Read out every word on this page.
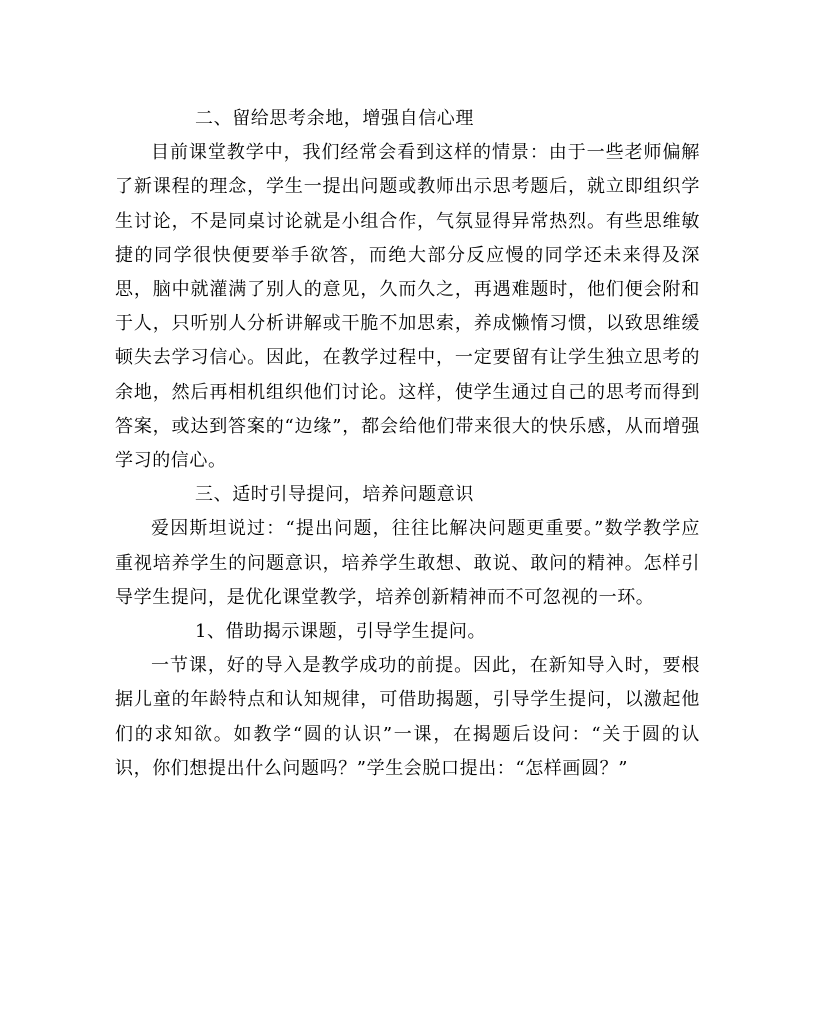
二、留给思考余地，增强自信心理

目前课堂教学中，我们经常会看到这样的情景：由于一些老师偏解了新课程的理念，学生一提出问题或教师出示思考题后，就立即组织学生讨论，不是同桌讨论就是小组合作，气氛显得异常热烈。有些思维敏捷的同学很快便要举手欲答，而绝大部分反应慢的同学还未来得及深思，脑中就灌满了别人的意见，久而久之，再遇难题时，他们便会附和于人，只听别人分析讲解或干脆不加思索，养成懒惰习惯，以致思维缓顿失去学习信心。因此，在教学过程中，一定要留有让学生独立思考的余地，然后再相机组织他们讨论。这样，使学生通过自己的思考而得到答案，或达到答案的“边缘”，都会给他们带来很大的快乐感，从而增强学习的信心。

三、适时引导提问，培养问题意识

爱因斯坦说过：“提出问题，往往比解决问题更重要。”数学教学应重视培养学生的问题意识，培养学生敢想、敢说、敢问的精神。怎样引导学生提问，是优化课堂教学，培养创新精神而不可忽视的一环。

1、借助揭示课题，引导学生提问。

一节课，好的导入是教学成功的前提。因此，在新知导入时，要根据儿童的年龄特点和认知规律，可借助揭题，引导学生提问，以激起他们的求知欲。如教学“圆的认识”一课，在揭题后设问：“关于圆的认识，你们想提出什么问题吗？”学生会脱口提出：“怎样画圆？”
